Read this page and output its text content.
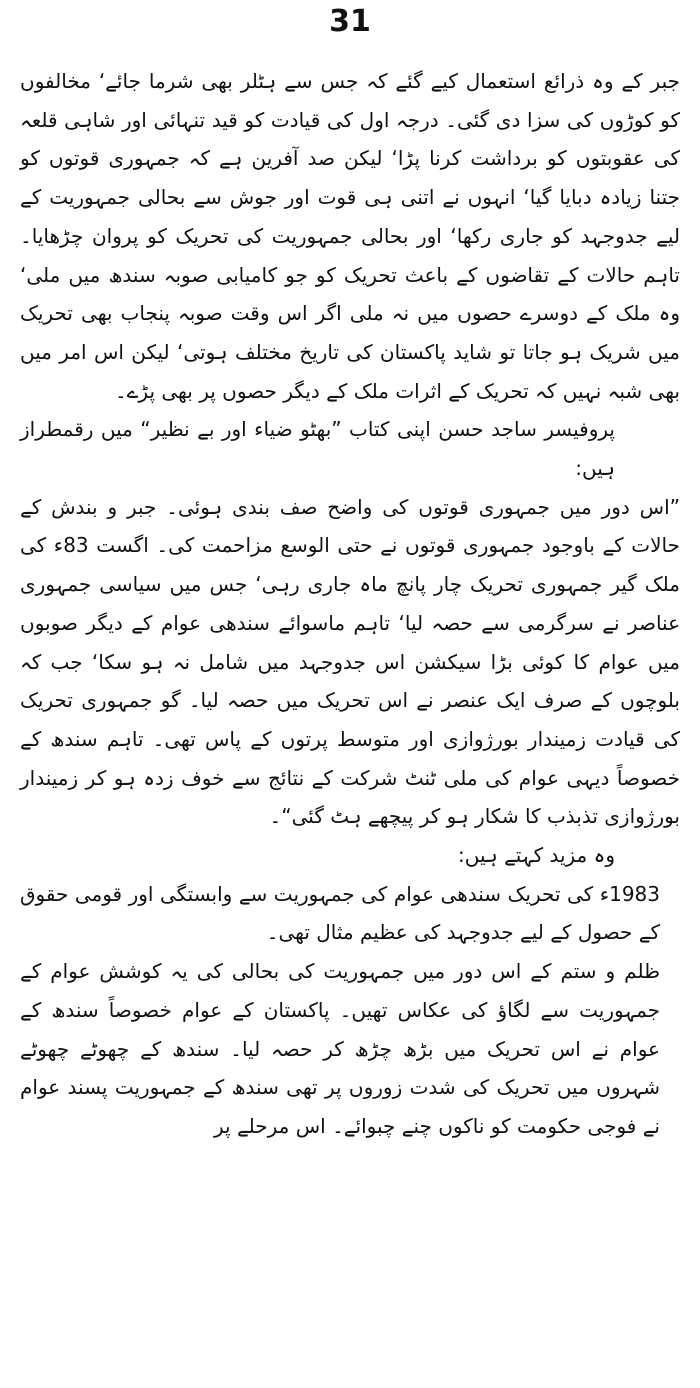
31

جبر کے وہ ذرائع استعمال کیے گئے کہ جس سے ہٹلر بھی شرما جائے‘ مخالفوں کو کوڑوں کی سزا دی گئی۔ درجہ اول کی قیادت کو قید تنہائی اور شاہی قلعہ کی عقوبتوں کو برداشت کرنا پڑا‘ لیکن صد آفرین ہے کہ جمہوری قوتوں کو جتنا زیادہ دبایا گیا‘ انہوں نے اتنی ہی قوت اور جوش سے بحالی جمہوریت کے لیے جدوجہد کو جاری رکھا‘ اور بحالی جمہوریت کی تحریک کو پروان چڑھایا۔ تاہم حالات کے تقاضوں کے باعث تحریک کو جو کامیابی صوبہ سندھ میں ملی‘ وہ ملک کے دوسرے حصوں میں نہ ملی اگر اس وقت صوبہ پنجاب بھی تحریک میں شریک ہو جاتا تو شاید پاکستان کی تاریخ مختلف ہوتی‘ لیکن اس امر میں بھی شبہ نہیں کہ تحریک کے اثرات ملک کے دیگر حصوں پر بھی پڑے۔

پروفیسر ساجد حسن اپنی کتاب ”بھٹو ضیاء اور بے نظیر“ میں رقمطراز ہیں:

”اس دور میں جمہوری قوتوں کی واضح صف بندی ہوئی۔ جبر و بندش کے حالات کے باوجود جمہوری قوتوں نے حتی الوسع مزاحمت کی۔ اگست 83ء کی ملک گیر جمہوری تحریک چار پانچ ماہ جاری رہی‘ جس میں سیاسی جمہوری عناصر نے سرگرمی سے حصہ لیا‘ تاہم ماسوائے سندھی عوام کے دیگر صوبوں میں عوام کا کوئی بڑا سیکشن اس جدوجہد میں شامل نہ ہو سکا‘ جب کہ بلوچوں کے صرف ایک عنصر نے اس تحریک میں حصہ لیا۔ گو جمہوری تحریک کی قیادت زمیندار بورژوازی اور متوسط پرتوں کے پاس تھی۔ تاہم سندھ کے خصوصاً دیہی عوام کی ملی ٹنٹ شرکت کے نتائج سے خوف زدہ ہو کر زمیندار بورژوازی تذبذب کا شکار ہو کر پیچھے ہٹ گئی“۔

وہ مزید کہتے ہیں:

1983ء کی تحریک سندھی عوام کی جمہوریت سے وابستگی اور قومی حقوق کے حصول کے لیے جدوجہد کی عظیم مثال تھی۔

ظلم و ستم کے اس دور میں جمہوریت کی بحالی کی یہ کوشش عوام کے جمہوریت سے لگاؤ کی عکاس تھیں۔ پاکستان کے عوام خصوصاً سندھ کے عوام نے اس تحریک میں بڑھ چڑھ کر حصہ لیا۔ سندھ کے چھوٹے چھوٹے شہروں میں تحریک کی شدت زوروں پر تھی سندھ کے جمہوریت پسند عوام نے فوجی حکومت کو ناکوں چنے چبوائے۔ اس مرحلے پر
